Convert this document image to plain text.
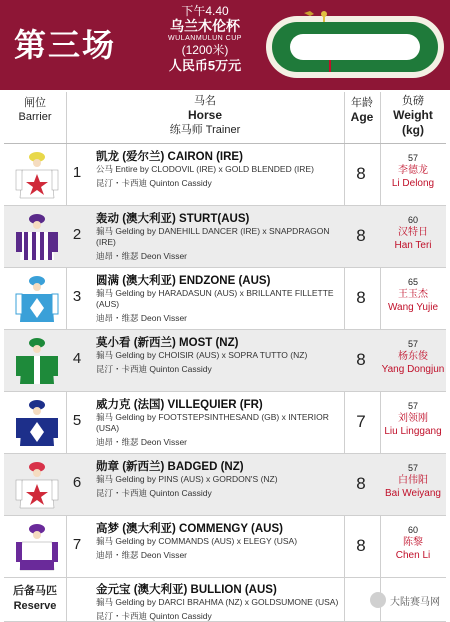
第三场
下午4.40
乌兰木伦杯
WULANMULUN CUP
(1200米)
人民币5万元
闸位
Barrier
马名
Horse
练马师 Trainer
年龄
Age
负磅
Weight
(kg)
1
凯龙 (爱尔兰) CAIRON (IRE)
公马 Entire by CLODOVIL (IRE) x GOLD BLENDED (IRE)
昆汀・卡西迪 Quinton Cassidy	8
57
李德龙
Li Delong
2
轰动 (澳大利亚) STURT(AUS)
骟马 Gelding by DANEHILL DANCER (IRE) x SNAPDRAGON (IRE)
迪昂・维瑟 Deon Visser
8
60
汉特日
Han Teri
3
圆满 (澳大利亚) ENDZONE (AUS)
骟马 Gelding by HARADASUN (AUS) x BRILLANTE FILLETTE (AUS)
迪昂・维瑟 Deon Visser
8
65
王玉杰
Wang Yujie
4
莫小看 (新西兰) MOST (NZ)
骟马 Gelding by CHOISIR (AUS) x SOPRA TUTTO (NZ)
昆汀・卡西迪 Quinton Cassidy	8
57
杨东俊
Yang Dongjun
5
威力克 (法国) VILLEQUIER (FR)
骟马 Gelding by FOOTSTEPSINTHESAND (GB) x INTERIOR (USA)
迪昂・维瑟 Deon Visser
7
57
刘领刚
Liu Linggang
6
勋章 (新西兰) BADGED (NZ)
骟马 Gelding by PINS (AUS) x GORDON'S (NZ)
昆汀・卡西迪 Quinton Cassidy	8
57
白伟阳
Bai Weiyang
7
高梦 (澳大利亚) COMMENGY (AUS)
骟马 Gelding by COMMANDS (AUS) x ELEGY (USA)
迪昂・维瑟 Deon Visser	8
60
陈黎
Chen Li
后备马匹
Reserve
金元宝 (澳大利亚) BULLION (AUS)
骟马 Gelding by DARCI BRAHMA (NZ) x GOLDSUMONE (USA)
昆汀・卡西迪 Quinton Cassidy
大陆赛马网
